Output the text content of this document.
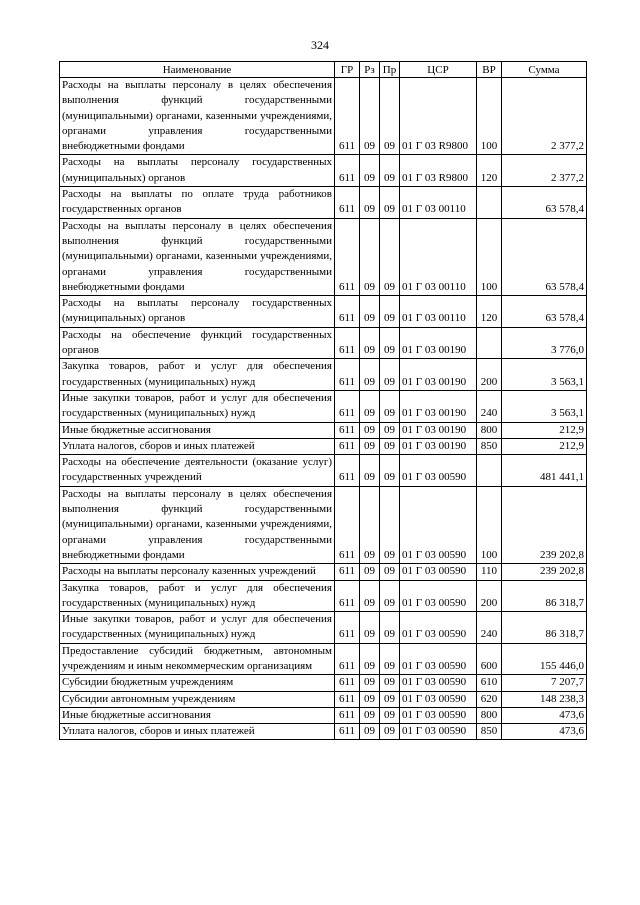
324
Наименование	ГР	Рз	Пр	ЦСР	ВР	Сумма
Расходы на выплаты персоналу в целях обеспечения выполнения функций государственными (муниципальными) органами, казенными учреждениями, органами управления государственными внебюджетными фондами	611	09	09	01 Г 03 R9800	100	2 377,2
Расходы на выплаты персоналу государственных (муниципальных) органов	611	09	09	01 Г 03 R9800	120	2 377,2
Расходы на выплаты по оплате труда работников государственных органов	611	09	09	01 Г 03 00110		63 578,4
Расходы на выплаты персоналу в целях обеспечения выполнения функций государственными (муниципальными) органами, казенными учреждениями, органами управления государственными внебюджетными фондами	611	09	09	01 Г 03 00110	100	63 578,4
Расходы на выплаты персоналу государственных (муниципальных) органов	611	09	09	01 Г 03 00110	120	63 578,4
Расходы на обеспечение функций государственных органов	611	09	09	01 Г 03 00190		3 776,0
Закупка товаров, работ и услуг для обеспечения государственных (муниципальных) нужд	611	09	09	01 Г 03 00190	200	3 563,1
Иные закупки товаров, работ и услуг для обеспечения государственных (муниципальных) нужд	611	09	09	01 Г 03 00190	240	3 563,1
Иные бюджетные ассигнования	611	09	09	01 Г 03 00190	800	212,9
Уплата налогов, сборов и иных платежей	611	09	09	01 Г 03 00190	850	212,9
Расходы на обеспечение деятельности (оказание услуг) государственных учреждений	611	09	09	01 Г 03 00590		481 441,1
Расходы на выплаты персоналу в целях обеспечения выполнения функций государственными (муниципальными) органами, казенными учреждениями, органами управления государственными внебюджетными фондами	611	09	09	01 Г 03 00590	100	239 202,8
Расходы на выплаты персоналу казенных учреждений	611	09	09	01 Г 03 00590	110	239 202,8
Закупка товаров, работ и услуг для обеспечения государственных (муниципальных) нужд	611	09	09	01 Г 03 00590	200	86 318,7
Иные закупки товаров, работ и услуг для обеспечения государственных (муниципальных) нужд	611	09	09	01 Г 03 00590	240	86 318,7
Предоставление субсидий бюджетным, автономным учреждениям и иным некоммерческим организациям	611	09	09	01 Г 03 00590	600	155 446,0
Субсидии бюджетным учреждениям	611	09	09	01 Г 03 00590	610	7 207,7
Субсидии автономным учреждениям	611	09	09	01 Г 03 00590	620	148 238,3
Иные бюджетные ассигнования	611	09	09	01 Г 03 00590	800	473,6
Уплата налогов, сборов и иных платежей	611	09	09	01 Г 03 00590	850	473,6
